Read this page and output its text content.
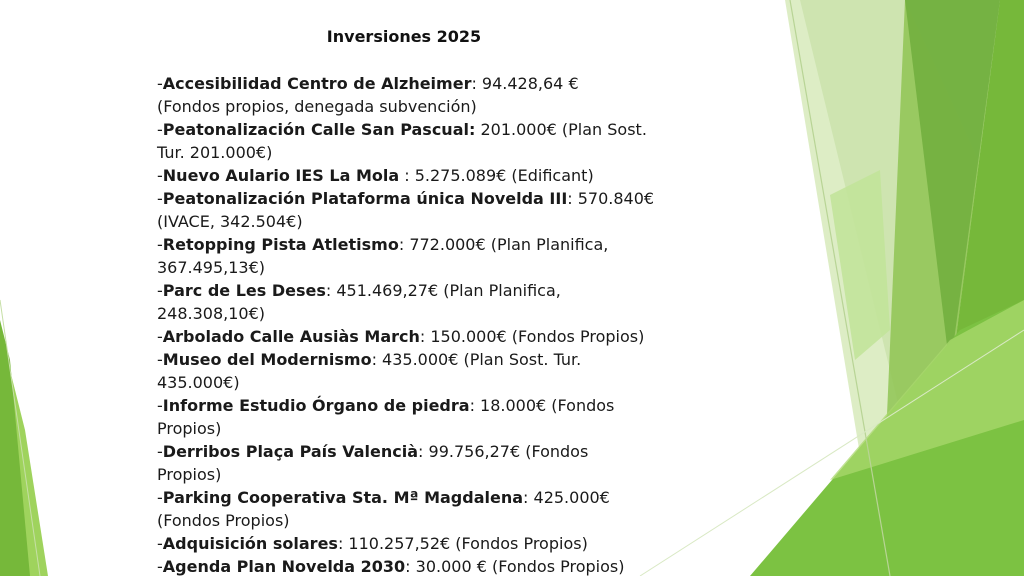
Inversiones 2025
-Accesibilidad Centro de Alzheimer: 94.428,64 €
(Fondos propios, denegada subvención)
-Peatonalización Calle San Pascual: 201.000€ (Plan Sost.
Tur. 201.000€)
-Nuevo Aulario IES La Mola : 5.275.089€ (Edificant)
-Peatonalización Plataforma única Novelda III: 570.840€
(IVACE, 342.504€)
-Retopping Pista Atletismo: 772.000€ (Plan Planifica,
367.495,13€)
-Parc de Les Deses: 451.469,27€ (Plan Planifica,
248.308,10€)
-Arbolado Calle Ausiàs March: 150.000€ (Fondos Propios)
-Museo del Modernismo: 435.000€ (Plan Sost. Tur.
435.000€)
-Informe Estudio Órgano de piedra: 18.000€ (Fondos
Propios)
-Derribos Plaça País Valencià: 99.756,27€ (Fondos
Propios)
-Parking Cooperativa Sta. Mª Magdalena: 425.000€
(Fondos Propios)
-Adquisición solares: 110.257,52€ (Fondos Propios)
-Agenda Plan Novelda 2030: 30.000 € (Fondos Propios)
